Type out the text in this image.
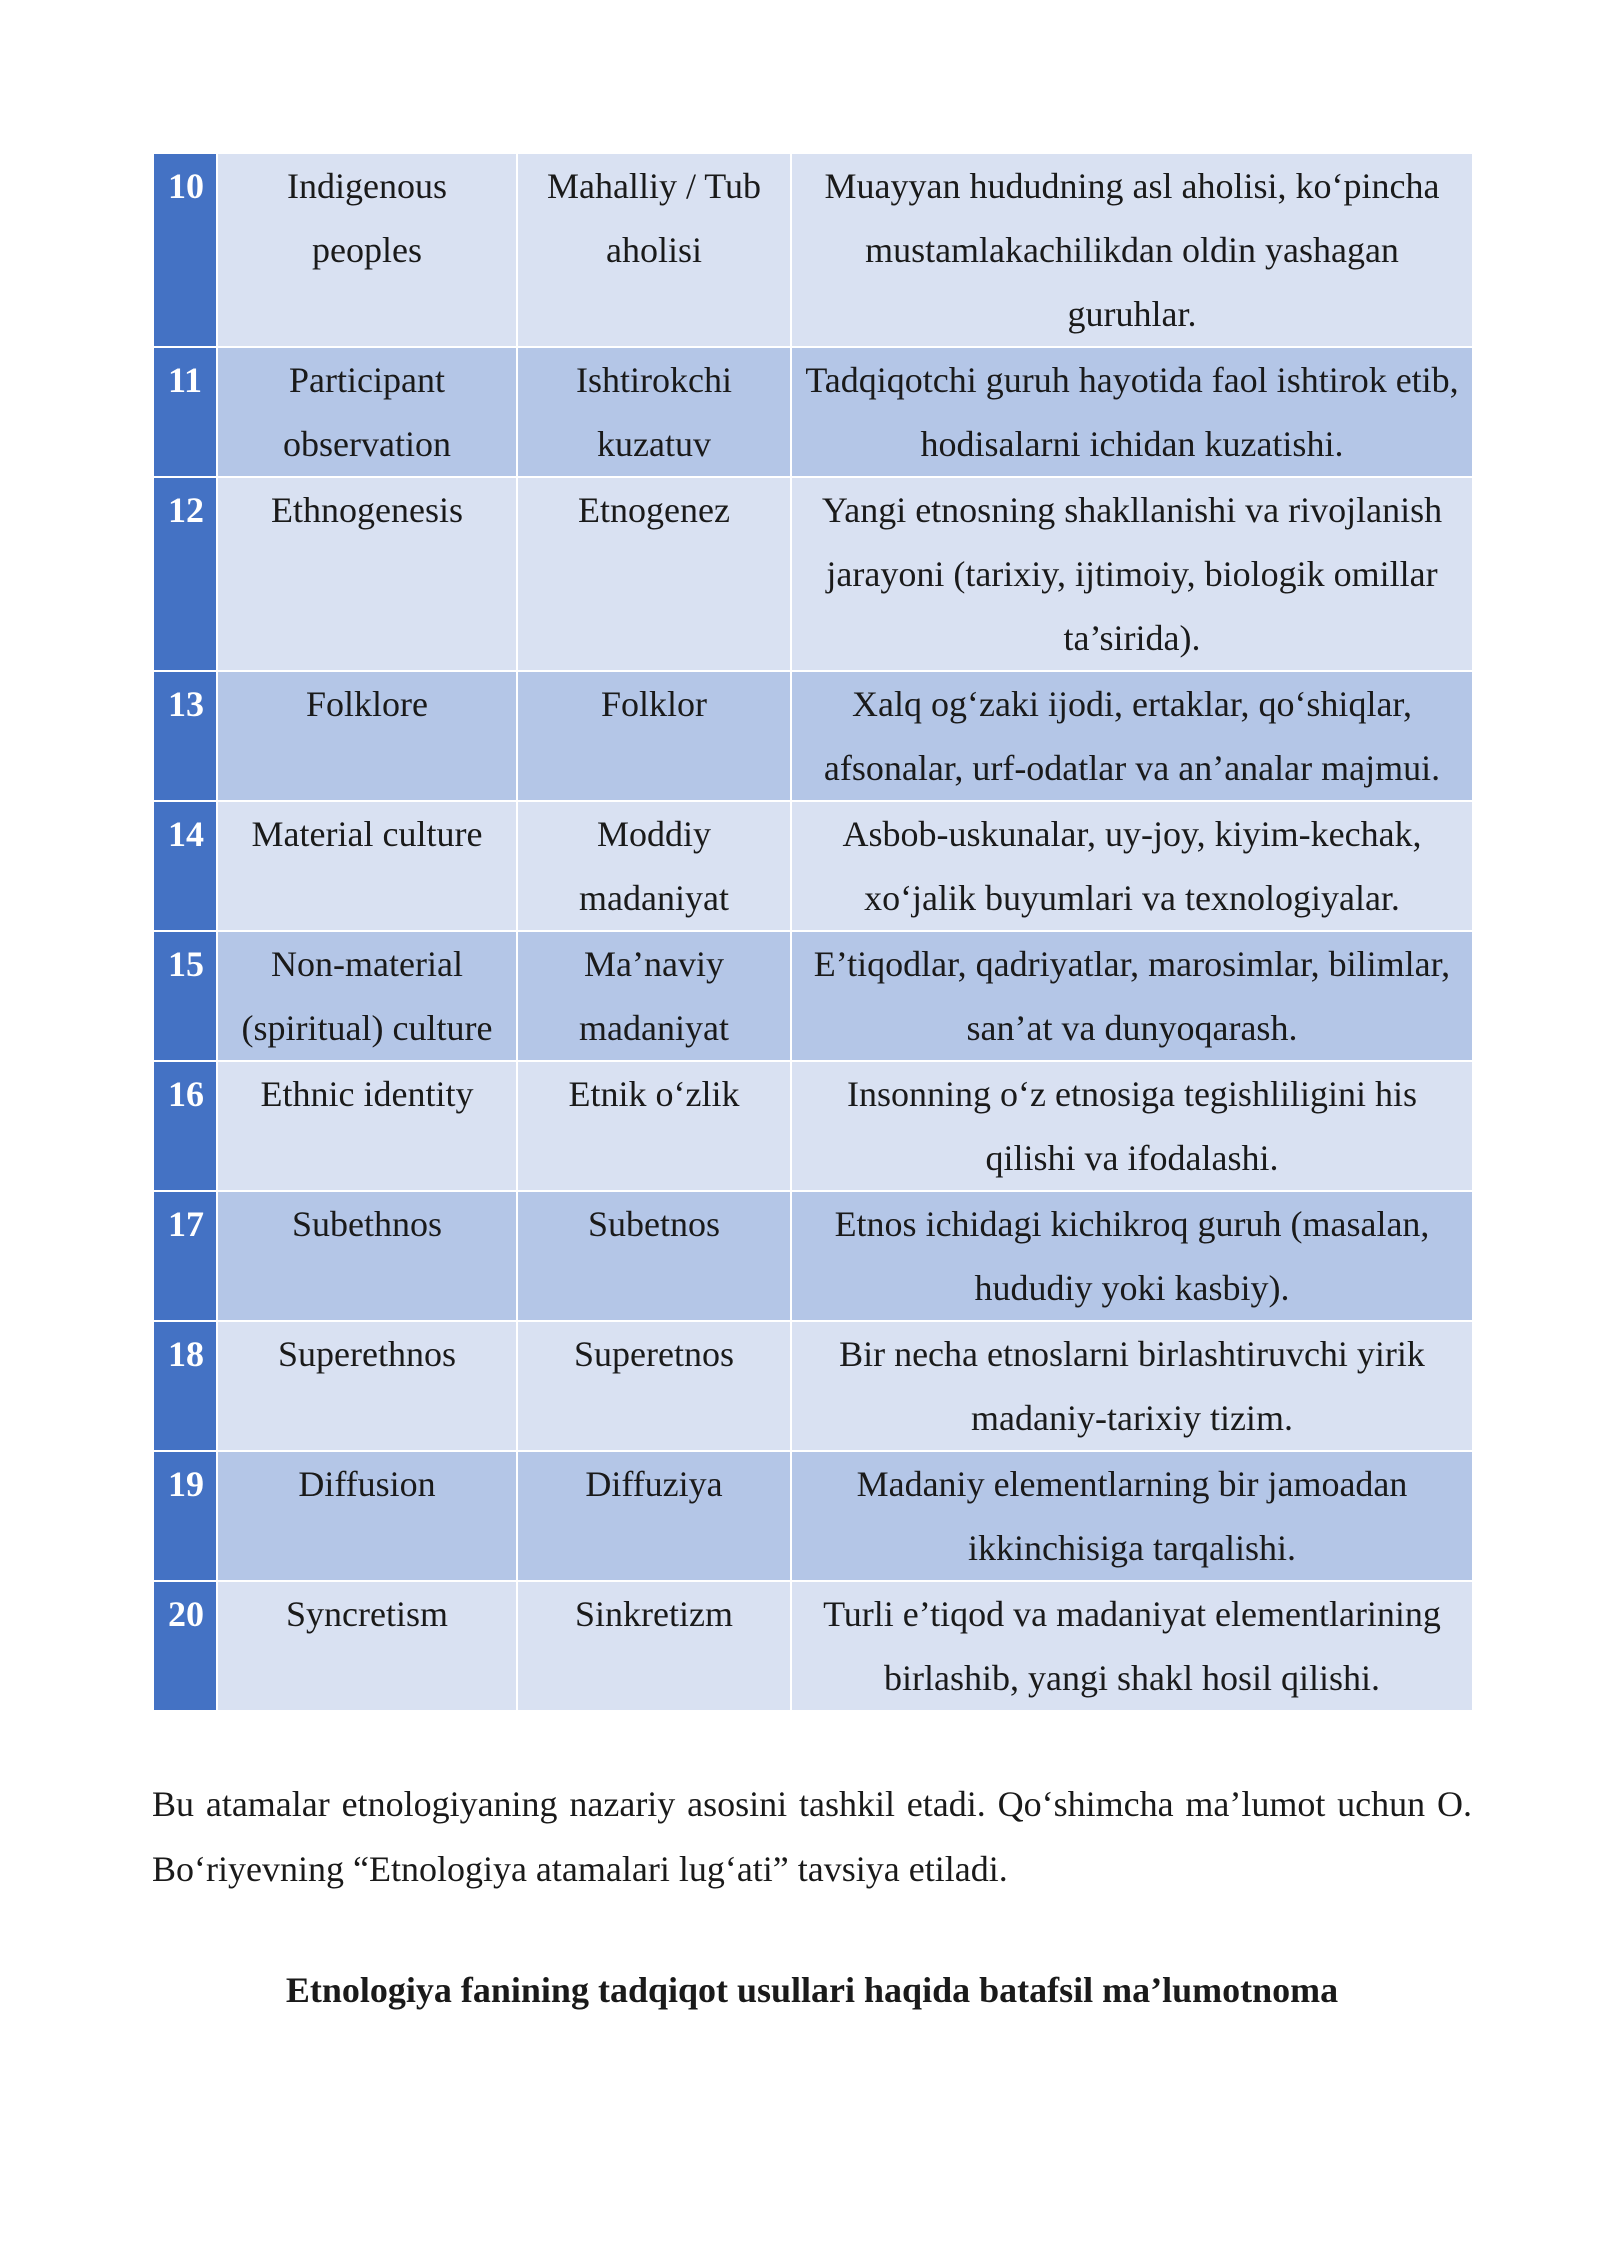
10	Indigenous peoples	Mahalliy / Tub aholisi	Muayyan hududning asl aholisi, ko‘pincha mustamlakachilikdan oldin yashagan guruhlar.
11	Participant observation	Ishtirokchi kuzatuv	Tadqiqotchi guruh hayotida faol ishtirok etib, hodisalarni ichidan kuzatishi.
12	Ethnogenesis	Etnogenez	Yangi etnosning shakllanishi va rivojlanish jarayoni (tarixiy, ijtimoiy, biologik omillar ta’sirida).
13	Folklore	Folklor	Xalq og‘zaki ijodi, ertaklar, qo‘shiqlar, afsonalar, urf-odatlar va an’analar majmui.
14	Material culture	Moddiy madaniyat	Asbob-uskunalar, uy-joy, kiyim-kechak, xo‘jalik buyumlari va texnologiyalar.
15	Non-material (spiritual) culture	Ma’naviy madaniyat	E’tiqodlar, qadriyatlar, marosimlar, bilimlar, san’at va dunyoqarash.
16	Ethnic identity	Etnik o‘zlik	Insonning o‘z etnosiga tegishliligini his qilishi va ifodalashi.
17	Subethnos	Subetnos	Etnos ichidagi kichikroq guruh (masalan, hududiy yoki kasbiy).
18	Superethnos	Superetnos	Bir necha etnoslarni birlashtiruvchi yirik madaniy-tarixiy tizim.
19	Diffusion	Diffuziya	Madaniy elementlarning bir jamoadan ikkinchisiga tarqalishi.
20	Syncretism	Sinkretizm	Turli e’tiqod va madaniyat elementlarining birlashib, yangi shakl hosil qilishi.

Bu atamalar etnologiyaning nazariy asosini tashkil etadi. Qo‘shimcha ma’lumot uchun O. Bo‘riyevning “Etnologiya atamalari lug‘ati” tavsiya etiladi.

Etnologiya fanining tadqiqot usullari haqida batafsil ma’lumotnoma
